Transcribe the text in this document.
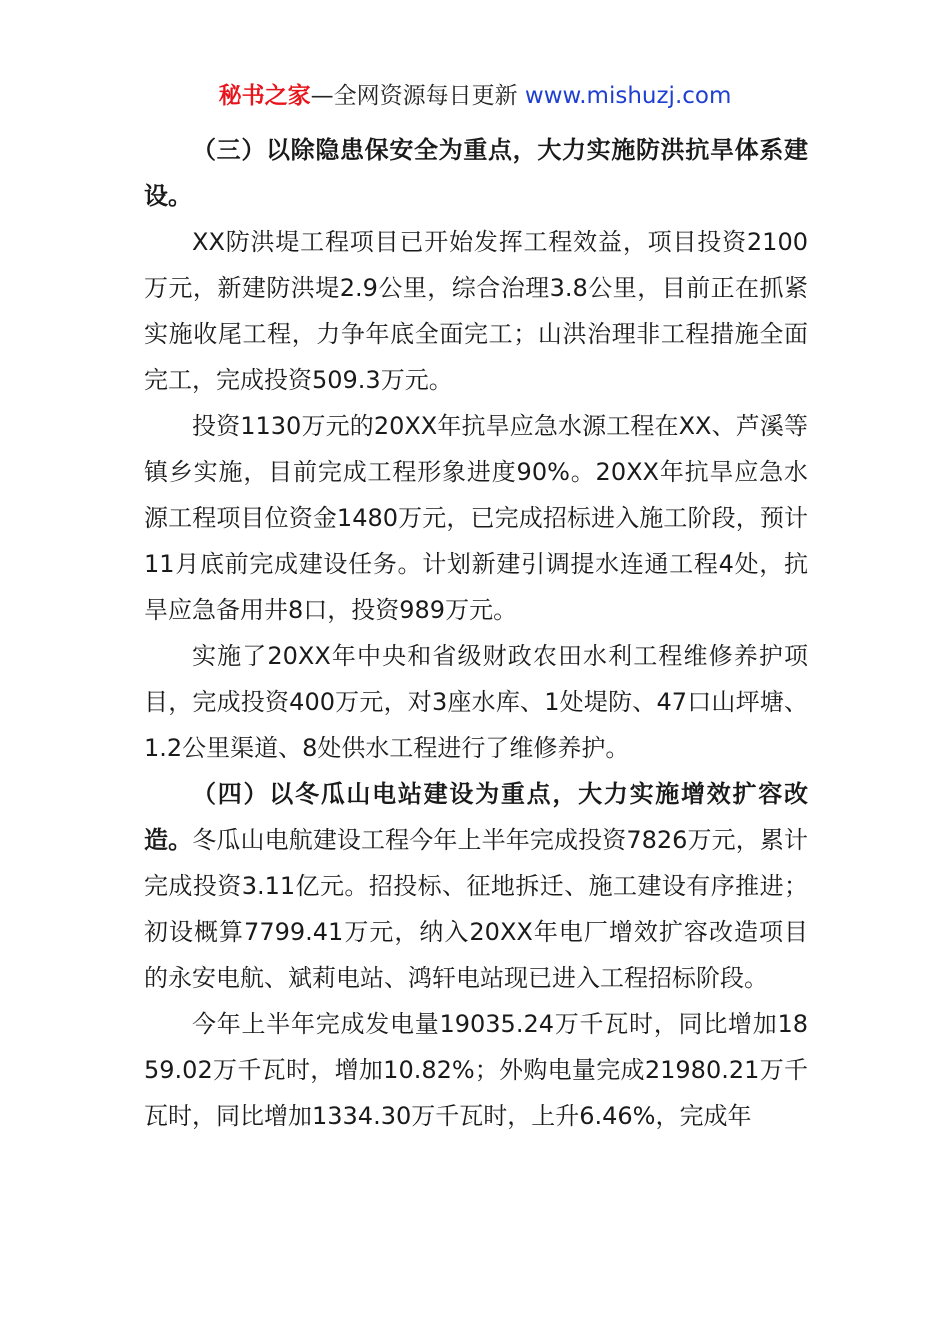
秘书之家—全网资源每日更新 www.mishuzj.com

（三）以除隐患保安全为重点，大力实施防洪抗旱体系建设。

XX防洪堤工程项目已开始发挥工程效益，项目投资2100万元，新建防洪堤2.9公里，综合治理3.8公里，目前正在抓紧实施收尾工程，力争年底全面完工；山洪治理非工程措施全面完工，完成投资509.3万元。

投资1130万元的20XX年抗旱应急水源工程在XX、芦溪等镇乡实施，目前完成工程形象进度90%。20XX年抗旱应急水源工程项目位资金1480万元，已完成招标进入施工阶段，预计11月底前完成建设任务。计划新建引调提水连通工程4处，抗旱应急备用井8口，投资989万元。

实施了20XX年中央和省级财政农田水利工程维修养护项目，完成投资400万元，对3座水库、1处堤防、47口山坪塘、1.2公里渠道、8处供水工程进行了维修养护。

（四）以冬瓜山电站建设为重点，大力实施增效扩容改造。冬瓜山电航建设工程今年上半年完成投资7826万元，累计完成投资3.11亿元。招投标、征地拆迁、施工建设有序推进；初设概算7799.41万元，纳入20XX年电厂增效扩容改造项目的永安电航、斌莉电站、鸿轩电站现已进入工程招标阶段。

今年上半年完成发电量19035.24万千瓦时，同比增加1859.02万千瓦时，增加10.82%；外购电量完成21980.21万千瓦时，同比增加1334.30万千瓦时，上升6.46%，完成年
